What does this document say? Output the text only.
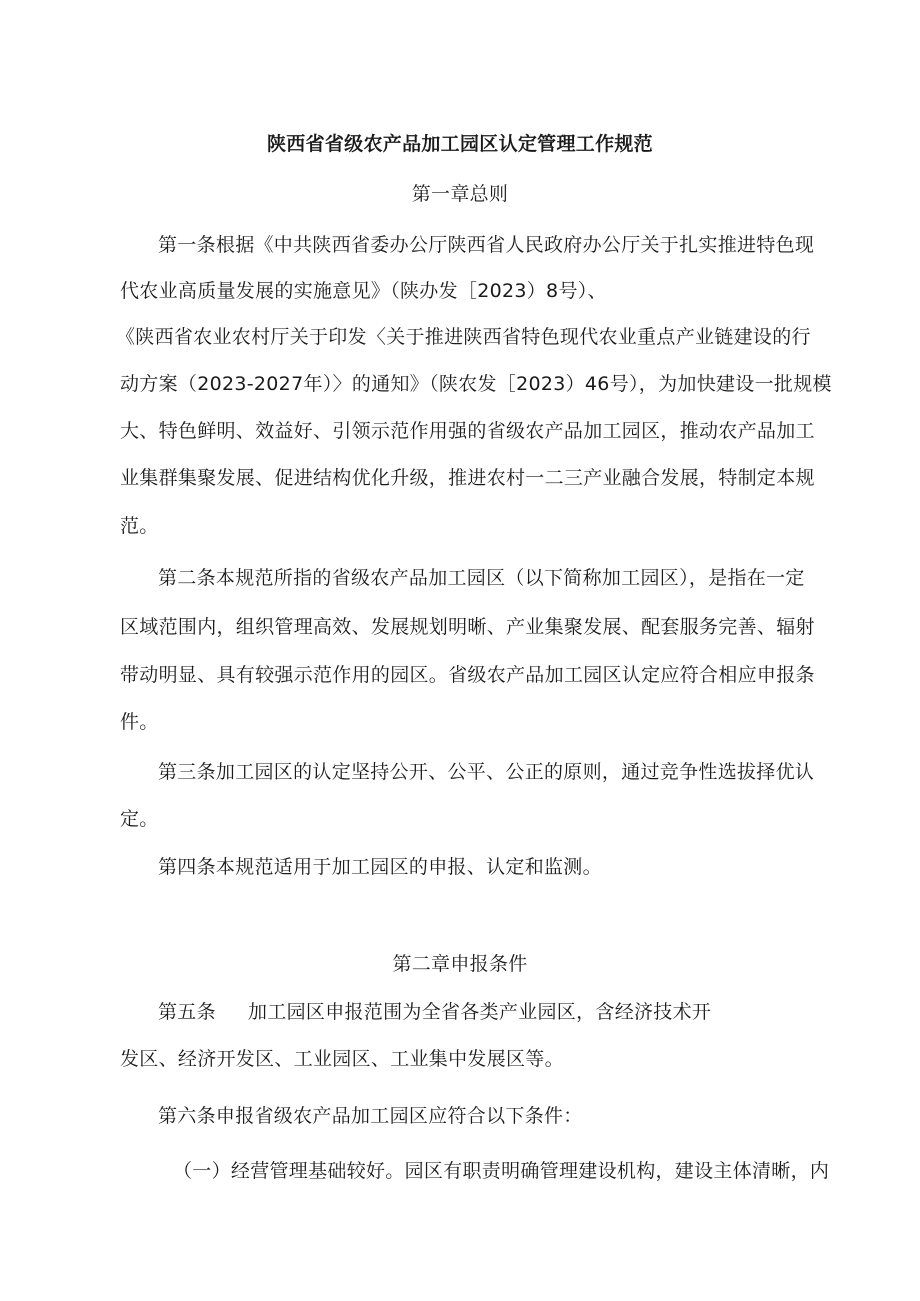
陕西省省级农产品加工园区认定管理工作规范
第一章总则
第一条根据《中共陕西省委办公厅陕西省人民政府办公厅关于扎实推进特色现
代农业高质量发展的实施意见》（陕办发［2023）8号）、
《陕西省农业农村厅关于印发〈关于推进陕西省特色现代农业重点产业链建设的行
动方案（2023-2027年）〉的通知》（陕农发［2023）46号），为加快建设一批规模
大、特色鲜明、效益好、引领示范作用强的省级农产品加工园区，推动农产品加工
业集群集聚发展、促进结构优化升级，推进农村一二三产业融合发展，特制定本规
范。
第二条本规范所指的省级农产品加工园区（以下简称加工园区），是指在一定
区域范围内，组织管理高效、发展规划明晰、产业集聚发展、配套服务完善、辐射
带动明显、具有较强示范作用的园区。省级农产品加工园区认定应符合相应申报条
件。
第三条加工园区的认定坚持公开、公平、公正的原则，通过竞争性选拔择优认
定。
第四条本规范适用于加工园区的申报、认定和监测。
第二章申报条件
第五条 加工园区申报范围为全省各类产业园区，含经济技术开
发区、经济开发区、工业园区、工业集中发展区等。
第六条申报省级农产品加工园区应符合以下条件：
（一）经营管理基础较好。园区有职责明确管理建设机构，建设主体清晰，内
